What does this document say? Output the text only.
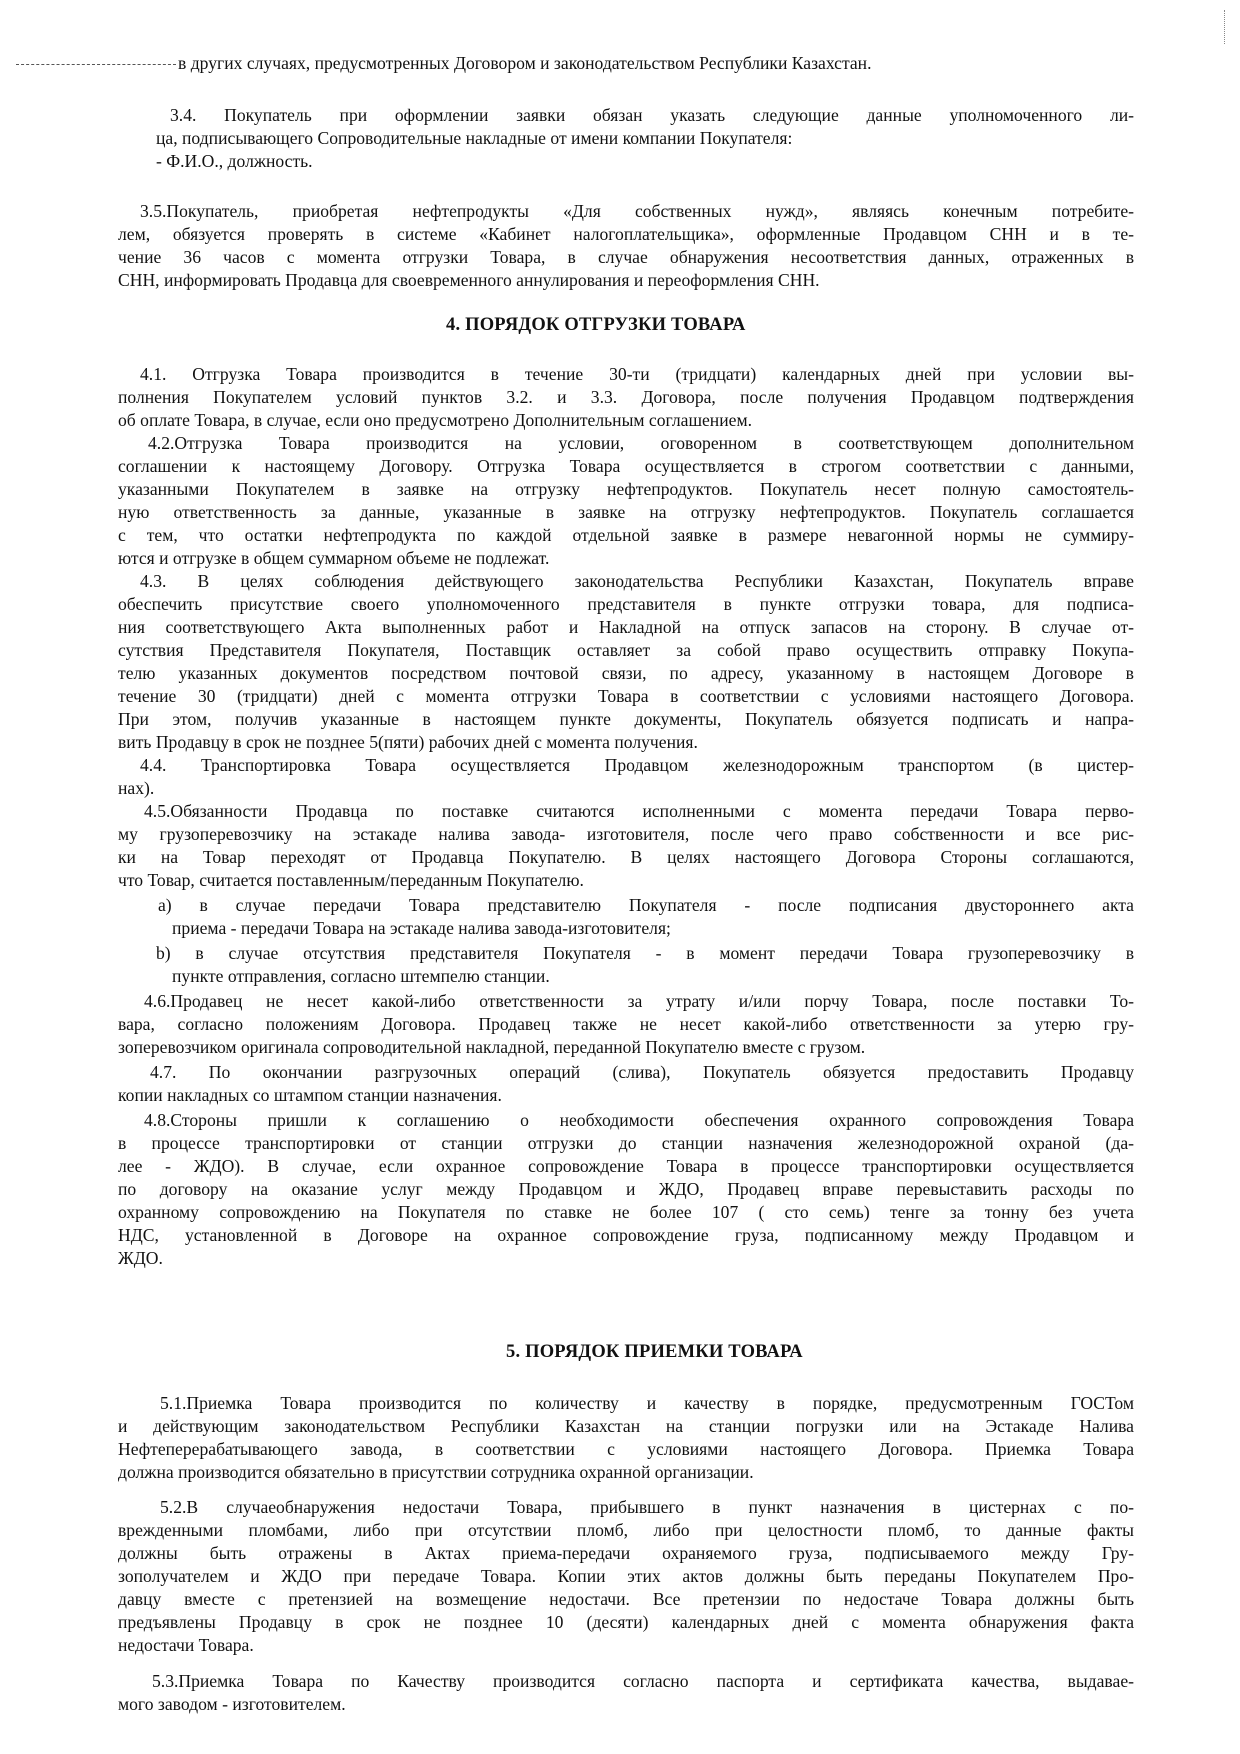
в других случаях, предусмотренных Договором и законодательством Республики Казахстан.
3.4. Покупатель при оформлении заявки обязан указать следующие данные уполномоченного ли-
ца, подписывающего Сопроводительные накладные от имени компании Покупателя:
- Ф.И.О., должность.
3.5.Покупатель, приобретая нефтепродукты «Для собственных нужд», являясь конечным потребите-
лем, обязуется проверять в системе «Кабинет налогоплательщика», оформленные Продавцом СНН и в те-
чение 36 часов с момента отгрузки Товара, в случае обнаружения несоответствия данных, отраженных в
СНН, информировать Продавца для своевременного аннулирования и переоформления СНН.
4. ПОРЯДОК ОТГРУЗКИ ТОВАРА
4.1. Отгрузка Товара производится в течение 30-ти (тридцати) календарных дней при условии вы-
полнения Покупателем условий пунктов 3.2. и 3.3. Договора, после получения Продавцом подтверждения
об оплате Товара, в случае, если оно предусмотрено Дополнительным соглашением.
4.2.Отгрузка Товара производится на условии, оговоренном в соответствующем дополнительном
соглашении к настоящему Договору. Отгрузка Товара осуществляется в строгом соответствии с данными,
указанными Покупателем в заявке на отгрузку нефтепродуктов. Покупатель несет полную самостоятель-
ную ответственность за данные, указанные в заявке на отгрузку нефтепродуктов. Покупатель соглашается
с тем, что остатки нефтепродукта по каждой отдельной заявке в размере невагонной нормы не суммиру-
ются и отгрузке в общем суммарном объеме не подлежат.
4.3. В целях соблюдения действующего законодательства Республики Казахстан, Покупатель вправе
обеспечить присутствие своего уполномоченного представителя в пункте отгрузки товара, для подписа-
ния соответствующего Акта выполненных работ и Накладной на отпуск запасов на сторону. В случае от-
сутствия Представителя Покупателя, Поставщик оставляет за собой право осуществить отправку Покупа-
телю указанных документов посредством почтовой связи, по адресу, указанному в настоящем Договоре в
течение 30 (тридцати) дней с момента отгрузки Товара в соответствии с условиями настоящего Договора.
При этом, получив указанные в настоящем пункте документы, Покупатель обязуется подписать и напра-
вить Продавцу в срок не позднее 5(пяти) рабочих дней с момента получения.
4.4. Транспортировка Товара осуществляется Продавцом железнодорожным транспортом (в цистер-
нах).
4.5.Обязанности Продавца по поставке считаются исполненными с момента передачи Товара перво-
му грузоперевозчику на эстакаде налива завода- изготовителя, после чего право собственности и все рис-
ки на Товар переходят от Продавца Покупателю. В целях настоящего Договора Стороны соглашаются,
что Товар, считается поставленным/переданным Покупателю.
а) в случае передачи Товара представителю Покупателя - после подписания двустороннего акта
приема - передачи Товара на эстакаде налива завода-изготовителя;
b) в случае отсутствия представителя Покупателя - в момент передачи Товара грузоперевозчику в
пункте отправления, согласно штемпелю станции.
4.6.Продавец не несет какой-либо ответственности за утрату и/или порчу Товара, после поставки То-
вара, согласно положениям Договора. Продавец также не несет какой-либо ответственности за утерю гру-
зоперевозчиком оригинала сопроводительной накладной, переданной Покупателю вместе с грузом.
4.7. По окончании разгрузочных операций (слива), Покупатель обязуется предоставить Продавцу
копии накладных со штампом станции назначения.
4.8.Стороны пришли к соглашению о необходимости обеспечения охранного сопровождения Товара
в процессе транспортировки от станции отгрузки до станции назначения железнодорожной охраной (да-
лее - ЖДО). В случае, если охранное сопровождение Товара в процессе транспортировки осуществляется
по договору на оказание услуг между Продавцом и ЖДО, Продавец вправе перевыставить расходы по
охранному сопровождению на Покупателя по ставке не более 107 ( сто семь) тенге за тонну без учета
НДС, установленной в Договоре на охранное сопровождение груза, подписанному между Продавцом и
ЖДО.
5. ПОРЯДОК ПРИЕМКИ ТОВАРА
5.1.Приемка Товара производится по количеству и качеству в порядке, предусмотренным ГОСТом
и действующим законодательством Республики Казахстан на станции погрузки или на Эстакаде Налива
Нефтеперерабатывающего завода, в соответствии с условиями настоящего Договора. Приемка Товара
должна производится обязательно в присутствии сотрудника охранной организации.
5.2.В случаеобнаружения недостачи Товара, прибывшего в пункт назначения в цистернах с по-
врежденными пломбами, либо при отсутствии пломб, либо при целостности пломб, то данные факты
должны быть отражены в Актах приема-передачи охраняемого груза, подписываемого между Гру-
зополучателем и ЖДО при передаче Товара. Копии этих актов должны быть переданы Покупателем Про-
давцу вместе с претензией на возмещение недостачи. Все претензии по недостаче Товара должны быть
предъявлены Продавцу в срок не позднее 10 (десяти) календарных дней с момента обнаружения факта
недостачи Товара.
5.3.Приемка Товара по Качеству производится согласно паспорта и сертификата качества, выдавае-
мого заводом - изготовителем.
